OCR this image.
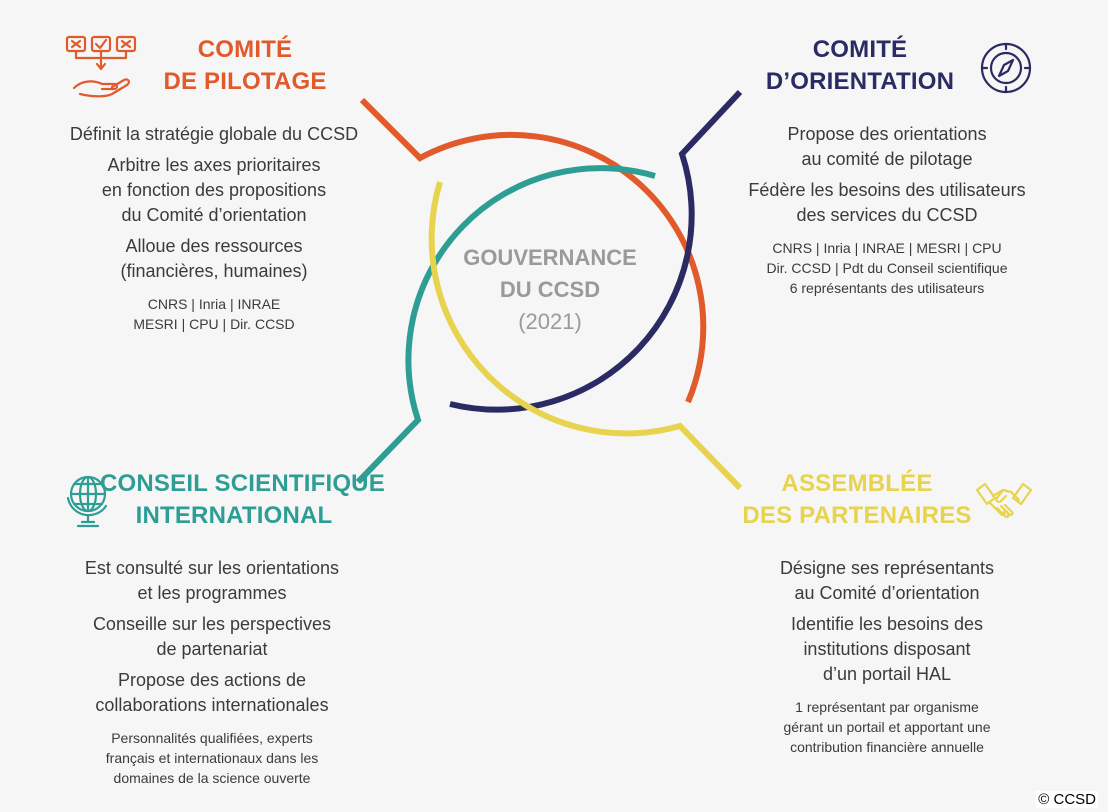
GOUVERNANCE
DU CCSD
(2021)
COMITÉ
DE PILOTAGE

Définit la stratégie globale du CCSD

Arbitre les axes prioritaires
en fonction des propositions
du Comité d’orientation

Alloue des ressources
(financières, humaines)

CNRS | Inria | INRAE
MESRI | CPU | Dir. CCSD
COMITÉ
D’ORIENTATION

Propose des orientations
au comité de pilotage

Fédère les besoins des utilisateurs
des services du CCSD

CNRS | Inria | INRAE | MESRI | CPU
Dir. CCSD | Pdt du Conseil scientifique
6 représentants des utilisateurs
CONSEIL SCIENTIFIQUE
INTERNATIONAL

Est consulté sur les orientations
et les programmes

Conseille sur les perspectives
de partenariat

Propose des actions de
collaborations internationales

Personnalités qualifiées, experts
français et internationaux dans les
domaines de la science ouverte
ASSEMBLÉE
DES PARTENAIRES

Désigne ses représentants
au Comité d’orientation

Identifie les besoins des
institutions disposant
d’un portail HAL

1 représentant par organisme
gérant un portail et apportant une
contribution financière annuelle
© CCSD
